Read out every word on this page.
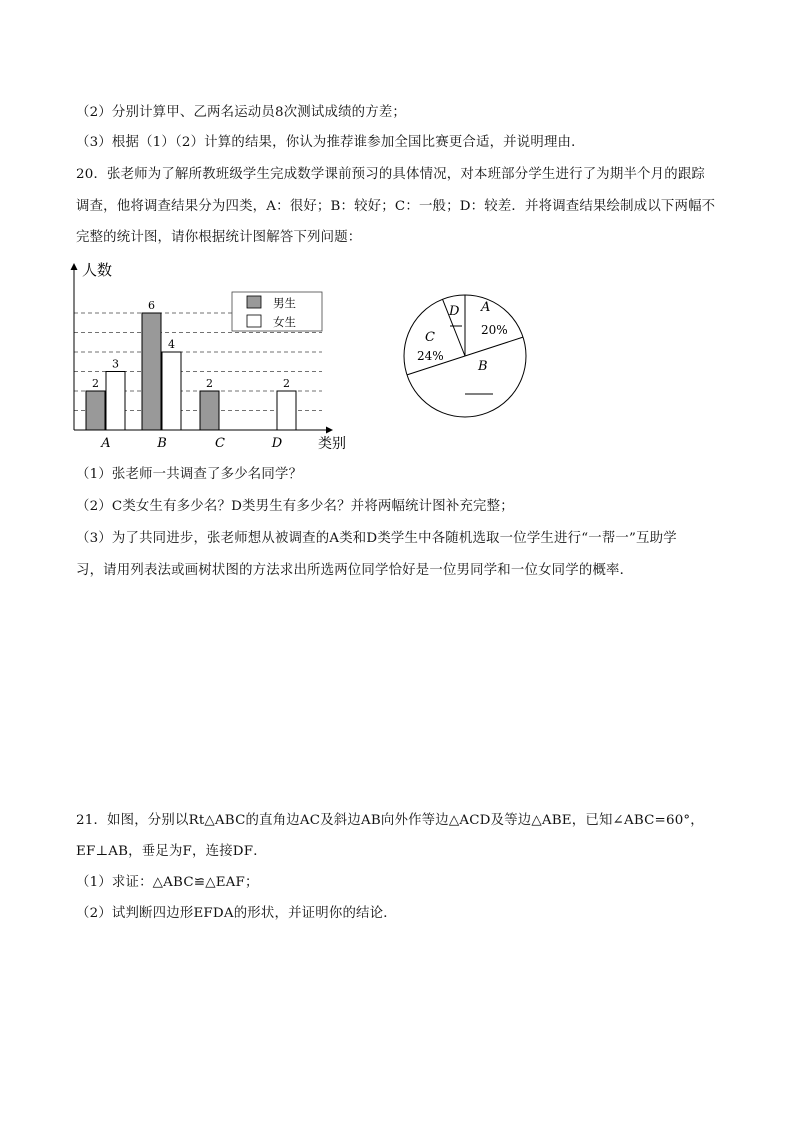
（2）分别计算甲、乙两名运动员8次测试成绩的方差；
（3）根据（1）（2）计算的结果，你认为推荐谁参加全国比赛更合适，并说明理由．
20．张老师为了解所教班级学生完成数学课前预习的具体情况，对本班部分学生进行了为期半个月的跟踪
调查，他将调查结果分为四类，A：很好；B：较好；C：一般；D：较差．并将调查结果绘制成以下两幅不
完整的统计图，请你根据统计图解答下列问题：
人数
类别
2
6
2
3
4
2
A	B	C	D
男生
女生
A
20%
B
C
24%
D
（1）张老师一共调查了多少名同学？
（2）C类女生有多少名？D类男生有多少名？并将两幅统计图补充完整；
（3）为了共同进步，张老师想从被调查的A类和D类学生中各随机选取一位学生进行“一帮一”互助学
习，请用列表法或画树状图的方法求出所选两位同学恰好是一位男同学和一位女同学的概率．
21．如图，分别以Rt△ABC的直角边AC及斜边AB向外作等边△ACD及等边△ABE，已知∠ABC=60°，
EF⊥AB，垂足为F，连接DF．
（1）求证：△ABC≌△EAF；
（2）试判断四边形EFDA的形状，并证明你的结论．
